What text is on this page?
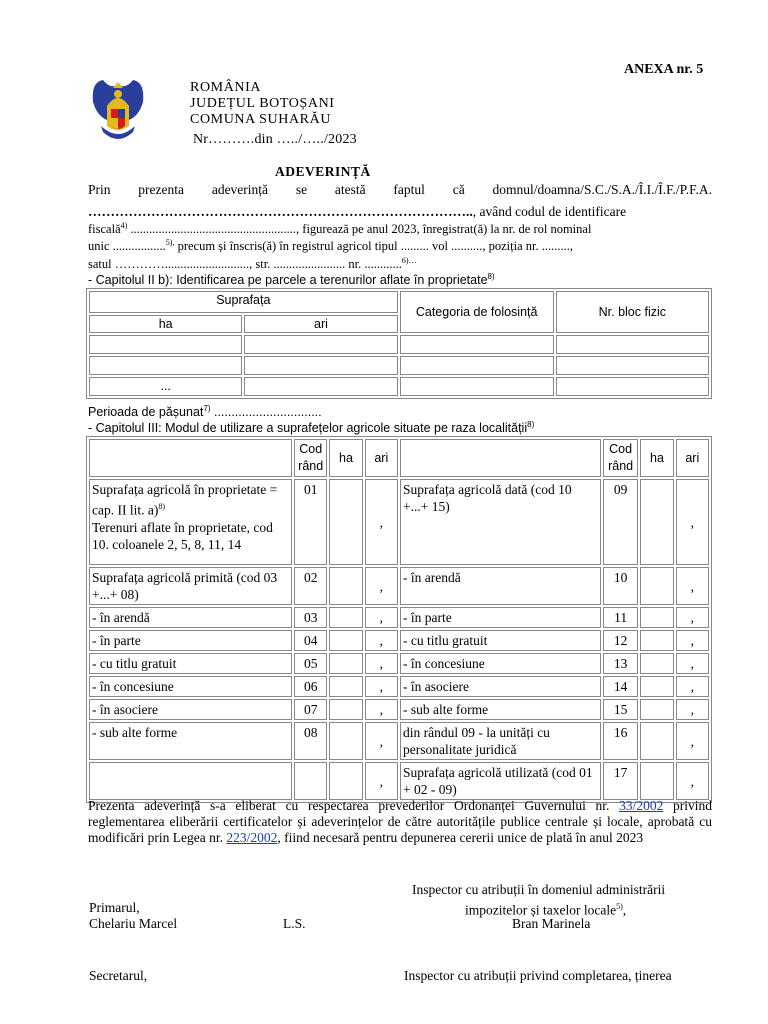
ANEXA nr. 5
ROMÂNIA
JUDEȚUL BOTOȘANI
COMUNA SUHARĂU
Nr……….din …../…../2023
ADEVERINȚĂ
Prin prezenta adeverință se atestă faptul că domnul/doamna/S.C./S.A./Î.I./Î.F./P.F.A.
………………………………………………………………………….., având codul de identificare
fiscală$^{4)}$ ....................................................., figurează pe anul 2023, înregistrat(ă) la nr. de rol nominal
unic .................$^{5),}$ precum și înscris(ă) în registrul agricol tipul ......... vol .........., poziția nr. .........,
satul …………..........................., str. ....................... nr. ............$^{6)\dots}$
- Capitolul II b): Identificarea pe parcele a terenurilor aflate în proprietate$^{8)}$
Suprafața		Categoria de folosință	Nr. bloc fizic
ha	ari		

...			
Perioada de pășunat$^{7)}$ ...............................
- Capitolul III: Modul de utilizare a suprafețelor agricole situate pe raza localității$^{8)}$
	Cod rând	ha	ari		Cod rând	ha	ari
Suprafața agricolă în proprietate = cap. II lit. a)$^{8)}$
Terenuri aflate în proprietate, cod 10. coloanele 2, 5, 8, 11, 14	01		,	Suprafața agricolă dată (cod 10 +...+ 15)	09		,
Suprafața agricolă primită (cod 03 +...+ 08)	02		,	- în arendă	10		,
- în arendă	03		,	- în parte	11		,
- în parte	04		,	- cu titlu gratuit	12		,
- cu titlu gratuit	05		,	- în concesiune	13		,
- în concesiune	06		,	- în asociere	14		,
- în asociere	07		,	- sub alte forme	15		,
- sub alte forme	08		,	din rândul 09 - la unități cu personalitate juridică	16		,
			,	Suprafața agricolă utilizată (cod 01 + 02 - 09)	17		,
Prezenta adeverință s-a eliberat cu respectarea prevederilor Ordonanței Guvernului nr. 33/2002 privind reglementarea eliberării certificatelor și adeverințelor de către autoritățile publice centrale și locale, aprobată cu modificări prin Legea nr. 223/2002, fiind necesară pentru depunerea cererii unice de plată în anul 2023
Inspector cu atribuții în domeniul administrării
impozitelor și taxelor locale$^{5)}$,
Primarul,
Chelariu Marcel	L.S.	Bran Marinela
Secretarul,	Inspector cu atribuții privind completarea, ținerea
